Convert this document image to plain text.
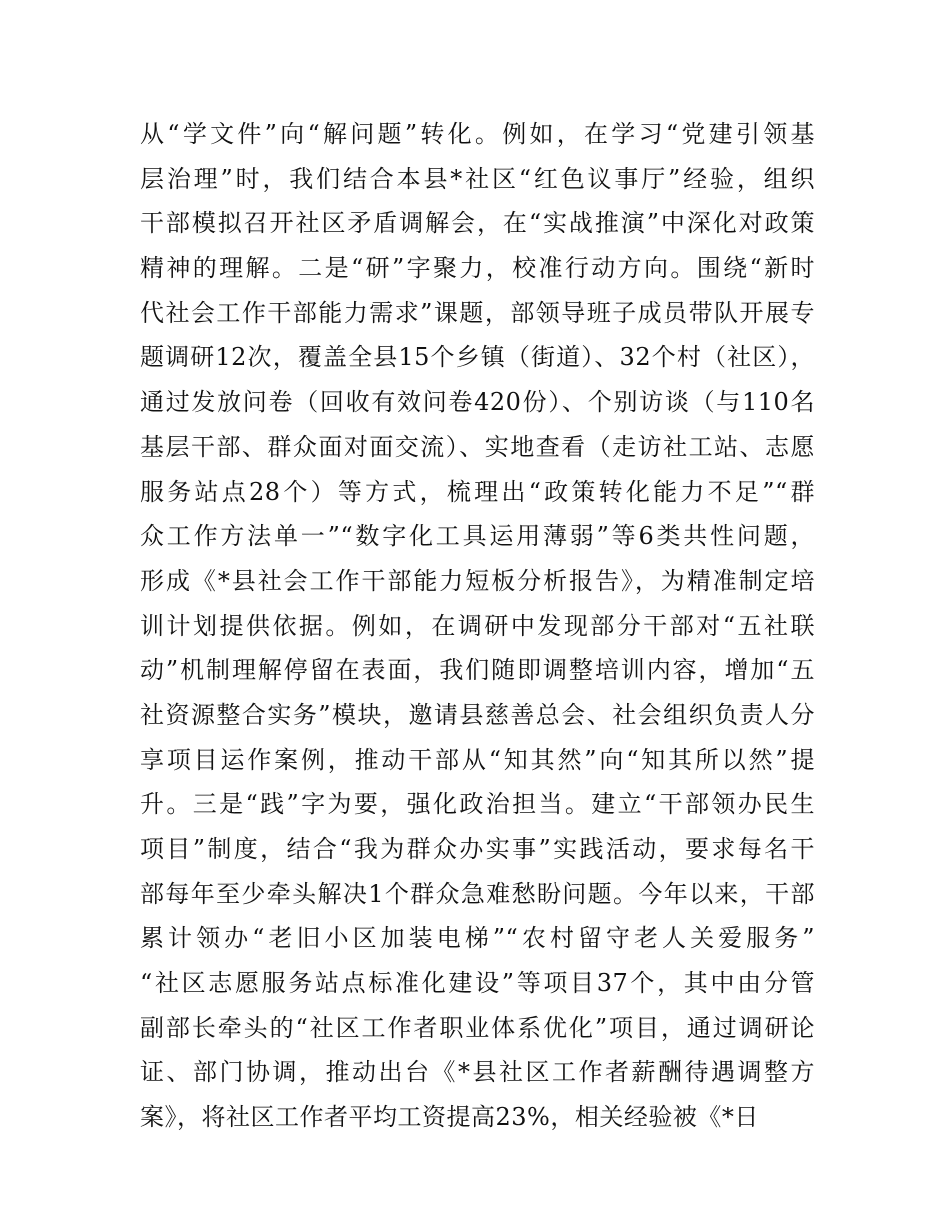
从“学文件”向“解问题”转化。例如，在学习“党建引领基
层治理”时，我们结合本县*社区“红色议事厅”经验，组织
干部模拟召开社区矛盾调解会，在“实战推演”中深化对政策
精神的理解。二是“研”字聚力，校准行动方向。围绕“新时
代社会工作干部能力需求”课题，部领导班子成员带队开展专
题调研12次，覆盖全县15个乡镇（街道）、32个村（社区），
通过发放问卷（回收有效问卷420份）、个别访谈（与110名
基层干部、群众面对面交流）、实地查看（走访社工站、志愿
服务站点28个）等方式，梳理出“政策转化能力不足”“群
众工作方法单一”“数字化工具运用薄弱”等6类共性问题，
形成《*县社会工作干部能力短板分析报告》，为精准制定培
训计划提供依据。例如，在调研中发现部分干部对“五社联
动”机制理解停留在表面，我们随即调整培训内容，增加“五
社资源整合实务”模块，邀请县慈善总会、社会组织负责人分
享项目运作案例，推动干部从“知其然”向“知其所以然”提
升。三是“践”字为要，强化政治担当。建立“干部领办民生
项目”制度，结合“我为群众办实事”实践活动，要求每名干
部每年至少牵头解决1个群众急难愁盼问题。今年以来，干部
累计领办“老旧小区加装电梯”“农村留守老人关爱服务”
“社区志愿服务站点标准化建设”等项目37个，其中由分管
副部长牵头的“社区工作者职业体系优化”项目，通过调研论
证、部门协调，推动出台《*县社区工作者薪酬待遇调整方
案》，将社区工作者平均工资提高23%，相关经验被《*日
